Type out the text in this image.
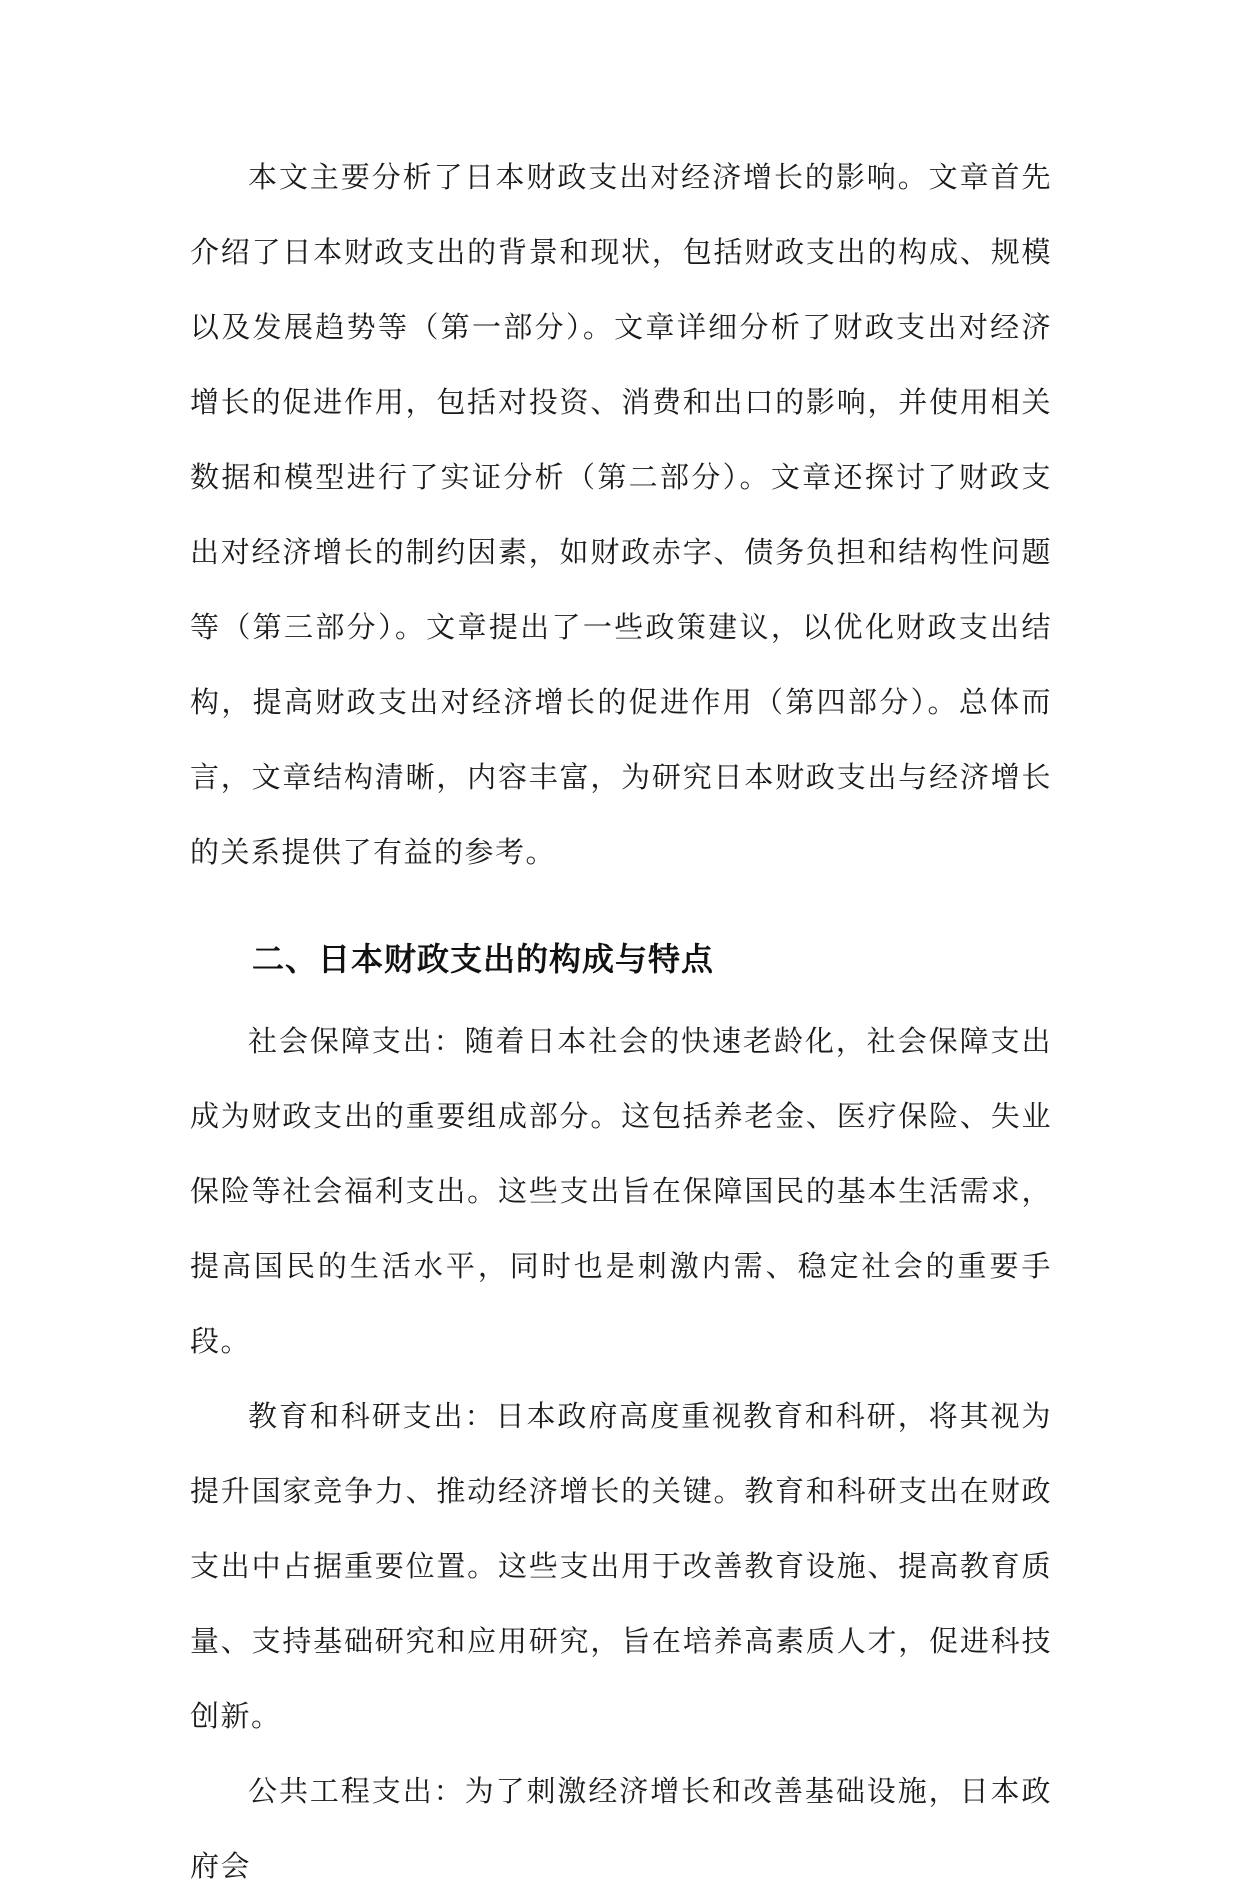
本文主要分析了日本财政支出对经济增长的影响。文章首先介绍了日本财政支出的背景和现状，包括财政支出的构成、规模以及发展趋势等（第一部分）。文章详细分析了财政支出对经济增长的促进作用，包括对投资、消费和出口的影响，并使用相关数据和模型进行了实证分析（第二部分）。文章还探讨了财政支出对经济增长的制约因素，如财政赤字、债务负担和结构性问题等（第三部分）。文章提出了一些政策建议，以优化财政支出结构，提高财政支出对经济增长的促进作用（第四部分）。总体而言，文章结构清晰，内容丰富，为研究日本财政支出与经济增长的关系提供了有益的参考。

二、日本财政支出的构成与特点

社会保障支出：随着日本社会的快速老龄化，社会保障支出成为财政支出的重要组成部分。这包括养老金、医疗保险、失业保险等社会福利支出。这些支出旨在保障国民的基本生活需求，提高国民的生活水平，同时也是刺激内需、稳定社会的重要手段。

教育和科研支出：日本政府高度重视教育和科研，将其视为提升国家竞争力、推动经济增长的关键。教育和科研支出在财政支出中占据重要位置。这些支出用于改善教育设施、提高教育质量、支持基础研究和应用研究，旨在培养高素质人才，促进科技创新。

公共工程支出：为了刺激经济增长和改善基础设施，日本政府会
